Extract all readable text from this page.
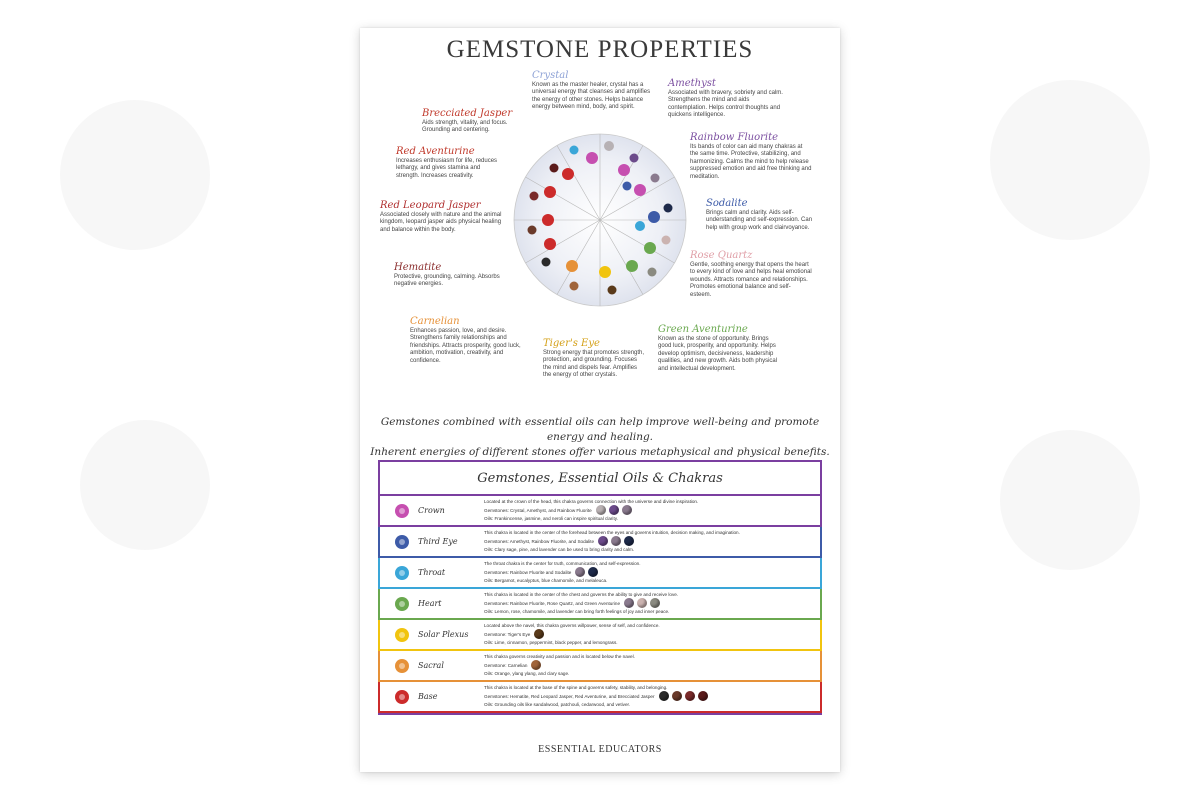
GEMSTONE PROPERTIES
Crystal
Known as the master healer, crystal has a universal energy that cleanses and amplifies the energy of other stones. Helps balance energy between mind, body, and spirit.
Amethyst
Associated with bravery, sobriety and calm. Strengthens the mind and aids contemplation. Helps control thoughts and quickens intelligence.
Rainbow Fluorite
Its bands of color can aid many chakras at the same time. Protective, stabilizing, and harmonizing. Calms the mind to help release suppressed emotion and aid free thinking and meditation.
Sodalite
Brings calm and clarity. Aids self-understanding and self-expression. Can help with group work and clairvoyance.
Rose Quartz
Gentle, soothing energy that opens the heart to every kind of love and helps heal emotional wounds. Attracts romance and relationships. Promotes emotional balance and self-esteem.
Green Aventurine
Known as the stone of opportunity. Brings good luck, prosperity, and opportunity. Helps develop optimism, decisiveness, leadership qualities, and new growth. Aids both physical and intellectual development.
Tiger's Eye
Strong energy that promotes strength, protection, and grounding. Focuses the mind and dispels fear. Amplifies the energy of other crystals.
Carnelian
Enhances passion, love, and desire. Strengthens family relationships and friendships. Attracts prosperity, good luck, ambition, motivation, creativity, and confidence.
Hematite
Protective, grounding, calming. Absorbs negative energies.
Red Leopard Jasper
Associated closely with nature and the animal kingdom, leopard jasper aids physical healing and balance within the body.
Red Aventurine
Increases enthusiasm for life, reduces lethargy, and gives stamina and strength. Increases creativity.
Brecciated Jasper
Aids strength, vitality, and focus. Grounding and centering.
Gemstones combined with essential oils can help improve well-being and promote energy and healing.
Inherent energies of different stones offer various metaphysical and physical benefits.
Gemstones, Essential Oils & Chakras
Crown
Located at the crown of the head, this chakra governs connection with the universe and divine inspiration.
Gemstones: Crystal, Amethyst, and Rainbow Fluorite
Oils: Frankincense, jasmine, and neroli can inspire spiritual clarity.
Third Eye
This chakra is located in the center of the forehead between the eyes and governs intuition, decision making, and imagination.
Gemstones: Amethyst, Rainbow Fluorite, and Sodalite
Oils: Clary sage, pine, and lavender can be used to bring clarity and calm.
Throat
The throat chakra is the center for truth, communication, and self-expression.
Gemstones: Rainbow Fluorite and Sodalite
Oils: Bergamot, eucalyptus, blue chamomile, and melaleuca.
Heart
This chakra is located in the center of the chest and governs the ability to give and receive love.
Gemstones: Rainbow Fluorite, Rose Quartz, and Green Aventurine
Oils: Lemon, rose, chamomile, and lavender can bring forth feelings of joy and inner peace.
Solar Plexus
Located above the navel, this chakra governs willpower, sense of self, and confidence.
Gemstone: Tiger's Eye
Oils: Lime, cinnamon, peppermint, black pepper, and lemongrass.
Sacral
This chakra governs creativity and passion and is located below the navel.
Gemstone: Carnelian
Oils: Orange, ylang ylang, and clary sage.
Base
This chakra is located at the base of the spine and governs safety, stability, and belonging.
Gemstones: Hematite, Red Leopard Jasper, Red Aventurine, and Brecciated Jasper
Oils: Grounding oils like sandalwood, patchouli, cedarwood, and vetiver.
ESSENTIAL EDUCATORS
